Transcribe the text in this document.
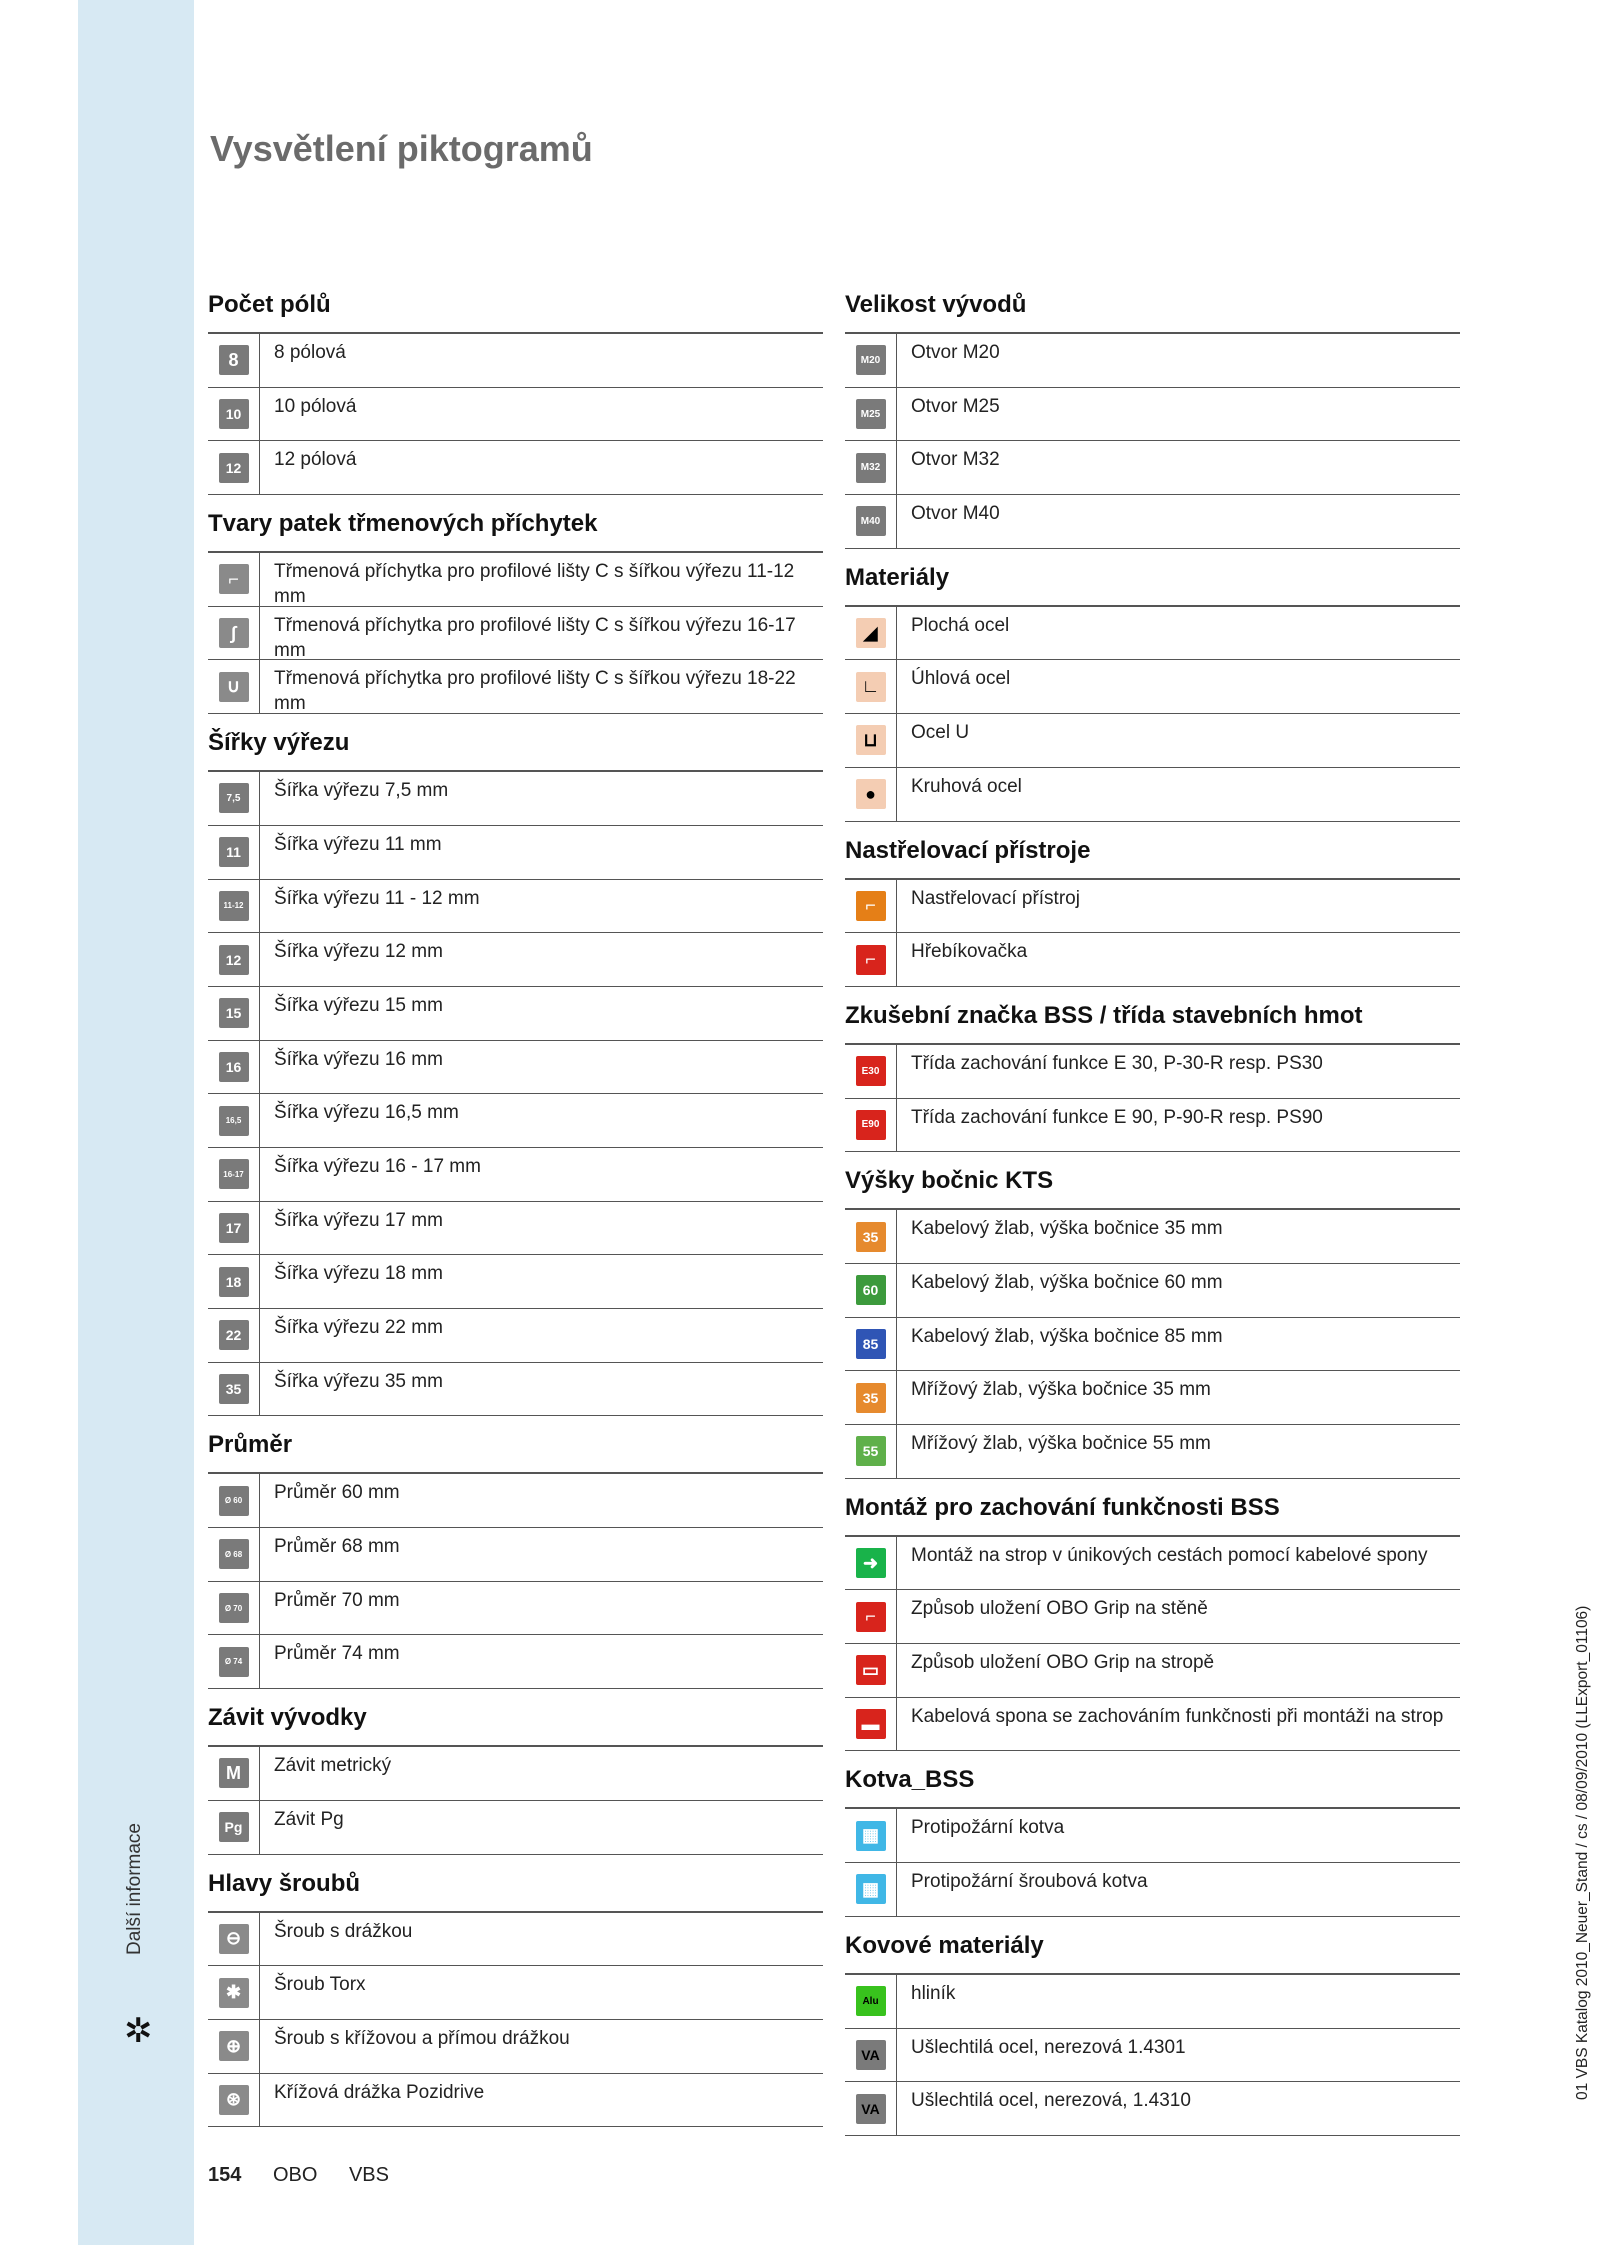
Další informace
✲	01 VBS Katalog 2010_Neuer_Stand / cs / 08/09/2010 (LLExport_01106)
Vysvětlení piktogramů
Počet pólů
8	8 pólová
10	10 pólová
12	12 pólová
Tvary patek třmenových příchytek
⌐	Třmenová příchytka pro profilové lišty C s šířkou výřezu 11-12 mm
∫	Třmenová příchytka pro profilové lišty C s šířkou výřezu 16-17 mm
∪	Třmenová příchytka pro profilové lišty C s šířkou výřezu 18-22 mm
Šířky výřezu
7,5	Šířka výřezu 7,5 mm
11	Šířka výřezu 11 mm
11-12	Šířka výřezu 11 - 12 mm
12	Šířka výřezu 12 mm
15	Šířka výřezu 15 mm
16	Šířka výřezu 16 mm
16,5	Šířka výřezu 16,5 mm
16-17	Šířka výřezu 16 - 17 mm
17	Šířka výřezu 17 mm
18	Šířka výřezu 18 mm
22	Šířka výřezu 22 mm
35	Šířka výřezu 35 mm
Průměr
Ø 60	Průměr 60 mm
Ø 68	Průměr 68 mm
Ø 70	Průměr 70 mm
Ø 74	Průměr 74 mm
Závit vývodky
M	Závit metrický
Pg	Závit Pg
Hlavy šroubů
⊖	Šroub s drážkou
✱	Šroub Torx
⊕	Šroub s křížovou a přímou drážkou
⊛	Křížová drážka Pozidrive
Velikost vývodů
M20	Otvor M20
M25	Otvor M25
M32	Otvor M32
M40	Otvor M40
Materiály
◢	Plochá ocel
∟	Úhlová ocel
⊔	Ocel U
●	Kruhová ocel
Nastřelovací přístroje
⌐	Nastřelovací přístroj
⌐	Hřebíkovačka
Zkušební značka BSS / třída stavebních hmot
E30	Třída zachování funkce E 30, P-30-R resp. PS30
E90	Třída zachování funkce E 90, P-90-R resp. PS90
Výšky bočnic KTS
35	Kabelový žlab, výška bočnice 35 mm
60	Kabelový žlab, výška bočnice 60 mm
85	Kabelový žlab, výška bočnice 85 mm
35	Mřížový žlab, výška bočnice 35 mm
55	Mřížový žlab, výška bočnice 55 mm
Montáž pro zachování funkčnosti BSS
➜	Montáž na strop v únikových cestách pomocí kabelové spony
⌐	Způsob uložení OBO Grip na stěně
▭	Způsob uložení OBO Grip na stropě
▬	Kabelová spona se zachováním funkčnosti při montáži na strop
Kotva_BSS
▦	Protipožární kotva
▦	Protipožární šroubová kotva
Kovové materiály
Alu	hliník
VA	Ušlechtilá ocel, nerezová 1.4301
VA	Ušlechtilá ocel, nerezová, 1.4310
154 OBO VBS
